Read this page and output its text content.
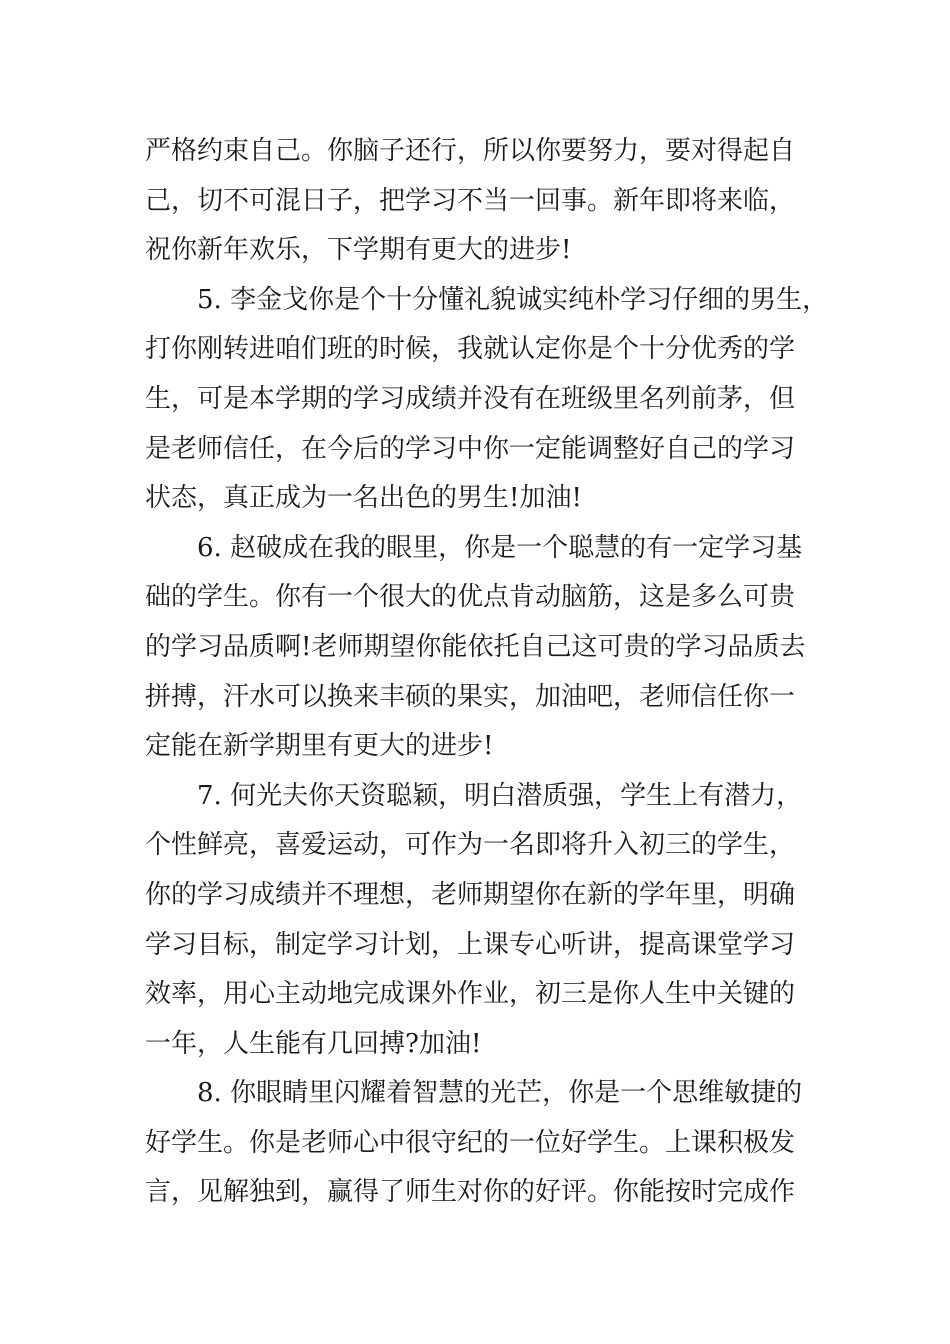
严格约束自己。你脑子还行，所以你要努力，要对得起自
己，切不可混日子，把学习不当一回事。新年即将来临，
祝你新年欢乐，下学期有更大的进步!
5. 李金戈你是个十分懂礼貌诚实纯朴学习仔细的男生，
打你刚转进咱们班的时候，我就认定你是个十分优秀的学
生，可是本学期的学习成绩并没有在班级里名列前茅，但
是老师信任，在今后的学习中你一定能调整好自己的学习
状态，真正成为一名出色的男生!加油!
6. 赵破成在我的眼里，你是一个聪慧的有一定学习基
础的学生。你有一个很大的优点肯动脑筋，这是多么可贵
的学习品质啊!老师期望你能依托自己这可贵的学习品质去
拼搏，汗水可以换来丰硕的果实，加油吧，老师信任你一
定能在新学期里有更大的进步!
7. 何光夫你天资聪颖，明白潜质强，学生上有潜力，
个性鲜亮，喜爱运动，可作为一名即将升入初三的学生，
你的学习成绩并不理想，老师期望你在新的学年里，明确
学习目标，制定学习计划，上课专心听讲，提高课堂学习
效率，用心主动地完成课外作业，初三是你人生中关键的
一年，人生能有几回搏?加油!
8. 你眼睛里闪耀着智慧的光芒，你是一个思维敏捷的
好学生。你是老师心中很守纪的一位好学生。上课积极发
言，见解独到，赢得了师生对你的好评。你能按时完成作
